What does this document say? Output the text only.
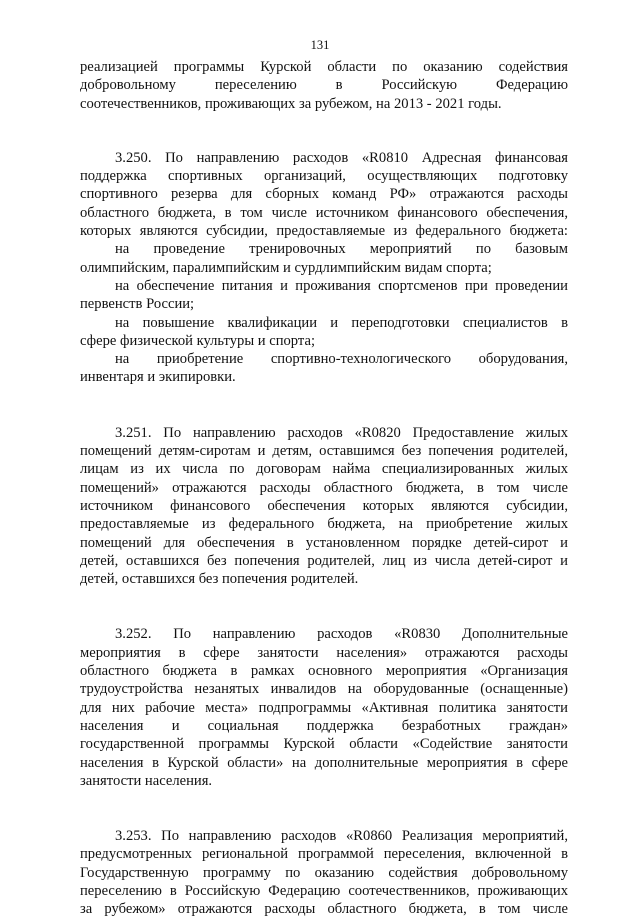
131
реализацией программы Курской области по оказанию содействия
добровольному переселению в Российскую Федерацию
соотечественников, проживающих за рубежом, на 2013 - 2021 годы.
3.250. По направлению расходов «R0810 Адресная финансовая
поддержка спортивных организаций, осуществляющих подготовку
спортивного резерва для сборных команд РФ» отражаются расходы
областного бюджета, в том числе источником финансового обеспечения,
которых являются субсидии, предоставляемые из федерального бюджета:
на проведение тренировочных мероприятий по базовым
олимпийским, паралимпийским и сурдлимпийским видам спорта;
на обеспечение питания и проживания спортсменов при проведении
первенств России;
на повышение квалификации и переподготовки специалистов в
сфере физической культуры и спорта;
на приобретение спортивно-технологического оборудования,
инвентаря и экипировки.
3.251. По направлению расходов «R0820 Предоставление жилых
помещений детям-сиротам и детям, оставшимся без попечения родителей,
лицам из их числа по договорам найма специализированных жилых
помещений» отражаются расходы областного бюджета, в том числе
источником финансового обеспечения которых являются субсидии,
предоставляемые из федерального бюджета, на приобретение жилых
помещений для обеспечения в установленном порядке детей-сирот и
детей, оставшихся без попечения родителей, лиц из числа детей-сирот и
детей, оставшихся без попечения родителей.
3.252. По направлению расходов «R0830 Дополнительные
мероприятия в сфере занятости населения» отражаются расходы
областного бюджета в рамках основного мероприятия «Организация
трудоустройства незанятых инвалидов на оборудованные (оснащенные)
для них рабочие места» подпрограммы «Активная политика занятости
населения и социальная поддержка безработных граждан»
государственной программы Курской области «Содействие занятости
населения в Курской области» на дополнительные мероприятия в сфере
занятости населения.
3.253. По направлению расходов «R0860 Реализация мероприятий,
предусмотренных региональной программой переселения, включенной в
Государственную программу по оказанию содействия добровольному
переселению в Российскую Федерацию соотечественников, проживающих
за рубежом» отражаются расходы областного бюджета, в том числе
